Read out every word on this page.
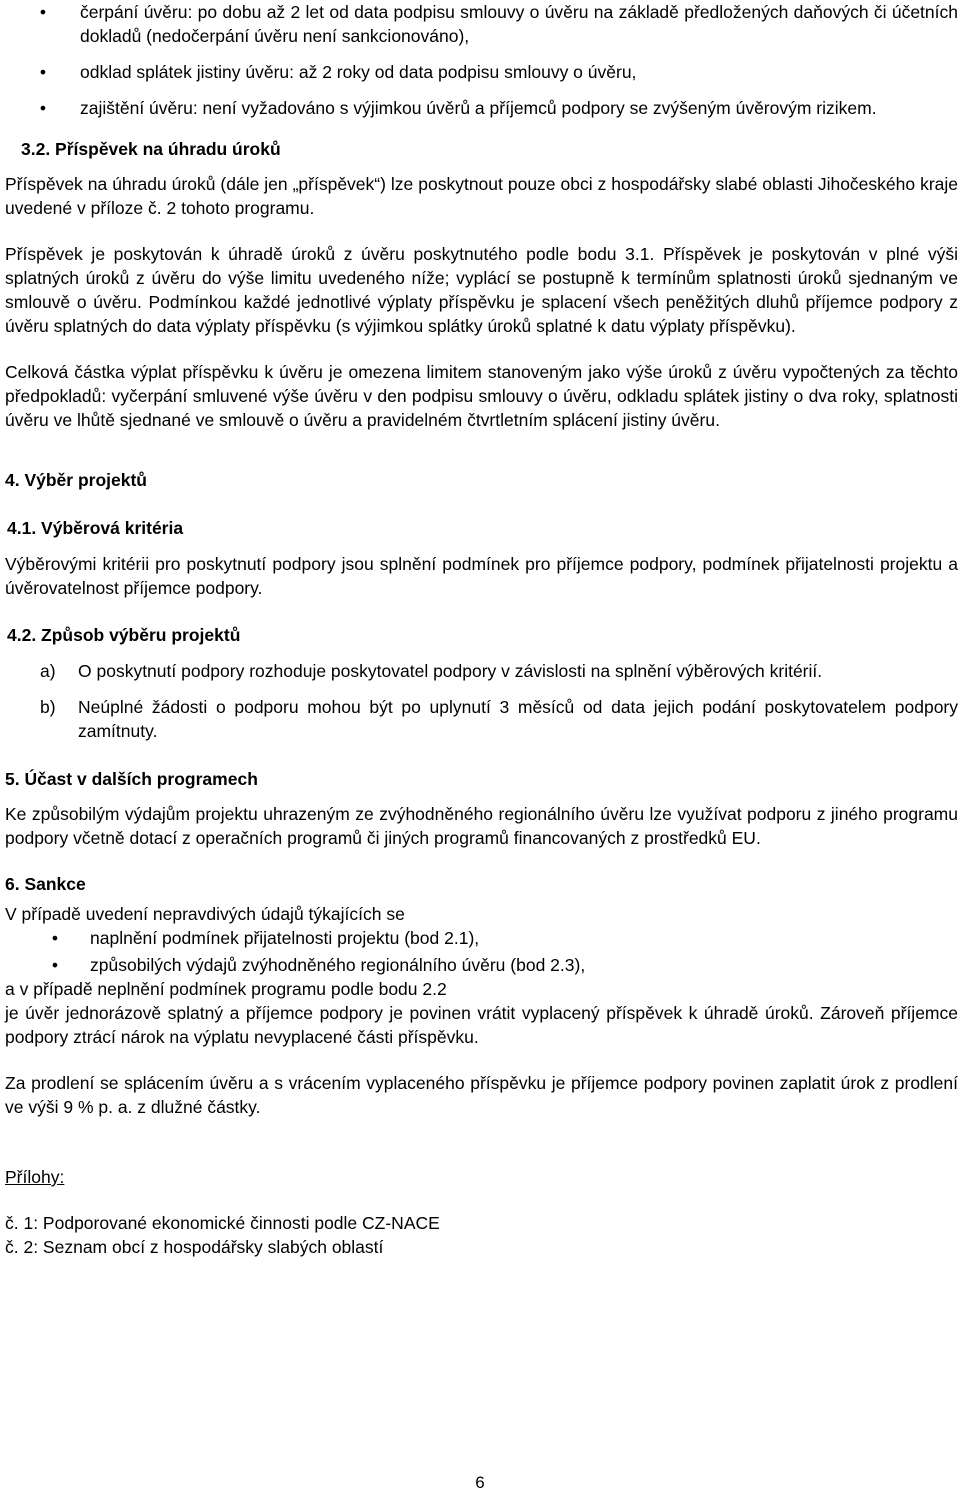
• čerpání úvěru: po dobu až 2 let od data podpisu smlouvy o úvěru na základě předložených daňových či účetních dokladů (nedočerpání úvěru není sankcionováno),
• odklad splátek jistiny úvěru: až 2 roky od data podpisu smlouvy o úvěru,
• zajištění úvěru: není vyžadováno s výjimkou úvěrů a příjemců podpory se zvýšeným úvěrovým rizikem.

3.2. Příspěvek na úhradu úroků

Příspěvek na úhradu úroků (dále jen „příspěvek“) lze poskytnout pouze obci z hospodářsky slabé oblasti Jihočeského kraje uvedené v příloze č. 2 tohoto programu.

Příspěvek je poskytován k úhradě úroků z úvěru poskytnutého podle bodu 3.1. Příspěvek je poskytován v plné výši splatných úroků z úvěru do výše limitu uvedeného níže; vyplácí se postupně k termínům splatnosti úroků sjednaným ve smlouvě o úvěru. Podmínkou každé jednotlivé výplaty příspěvku je splacení všech peněžitých dluhů příjemce podpory z úvěru splatných do data výplaty příspěvku (s výjimkou splátky úroků splatné k datu výplaty příspěvku).

Celková částka výplat příspěvku k úvěru je omezena limitem stanoveným jako výše úroků z úvěru vypočtených za těchto předpokladů: vyčerpání smluvené výše úvěru v den podpisu smlouvy o úvěru, odkladu splátek jistiny o dva roky, splatnosti úvěru ve lhůtě sjednané ve smlouvě o úvěru a pravidelném čtvrtletním splácení jistiny úvěru.

4. Výběr projektů

4.1. Výběrová kritéria

Výběrovými kritérii pro poskytnutí podpory jsou splnění podmínek pro příjemce podpory, podmínek přijatelnosti projektu a úvěrovatelnost příjemce podpory.

4.2. Způsob výběru projektů

a) O poskytnutí podpory rozhoduje poskytovatel podpory v závislosti na splnění výběrových kritérií.
b) Neúplné žádosti o podporu mohou být po uplynutí 3 měsíců od data jejich podání poskytovatelem podpory zamítnuty.

5. Účast v dalších programech

Ke způsobilým výdajům projektu uhrazeným ze zvýhodněného regionálního úvěru lze využívat podporu z jiného programu podpory včetně dotací z operačních programů či jiných programů financovaných z prostředků EU.

6. Sankce

V případě uvedení nepravdivých údajů týkajících se

• naplnění podmínek přijatelnosti projektu (bod 2.1),
• způsobilých výdajů zvýhodněného regionálního úvěru (bod 2.3),

a v případě neplnění podmínek programu podle bodu 2.2

je úvěr jednorázově splatný a příjemce podpory je povinen vrátit vyplacený příspěvek k úhradě úroků. Zároveň příjemce podpory ztrácí nárok na výplatu nevyplacené části příspěvku.

Za prodlení se splácením úvěru a s vrácením vyplaceného příspěvku je příjemce podpory povinen zaplatit úrok z prodlení ve výši 9 % p. a. z dlužné částky.

Přílohy:

č. 1: Podporované ekonomické činnosti podle CZ-NACE

č. 2: Seznam obcí z hospodářsky slabých oblastí

6
